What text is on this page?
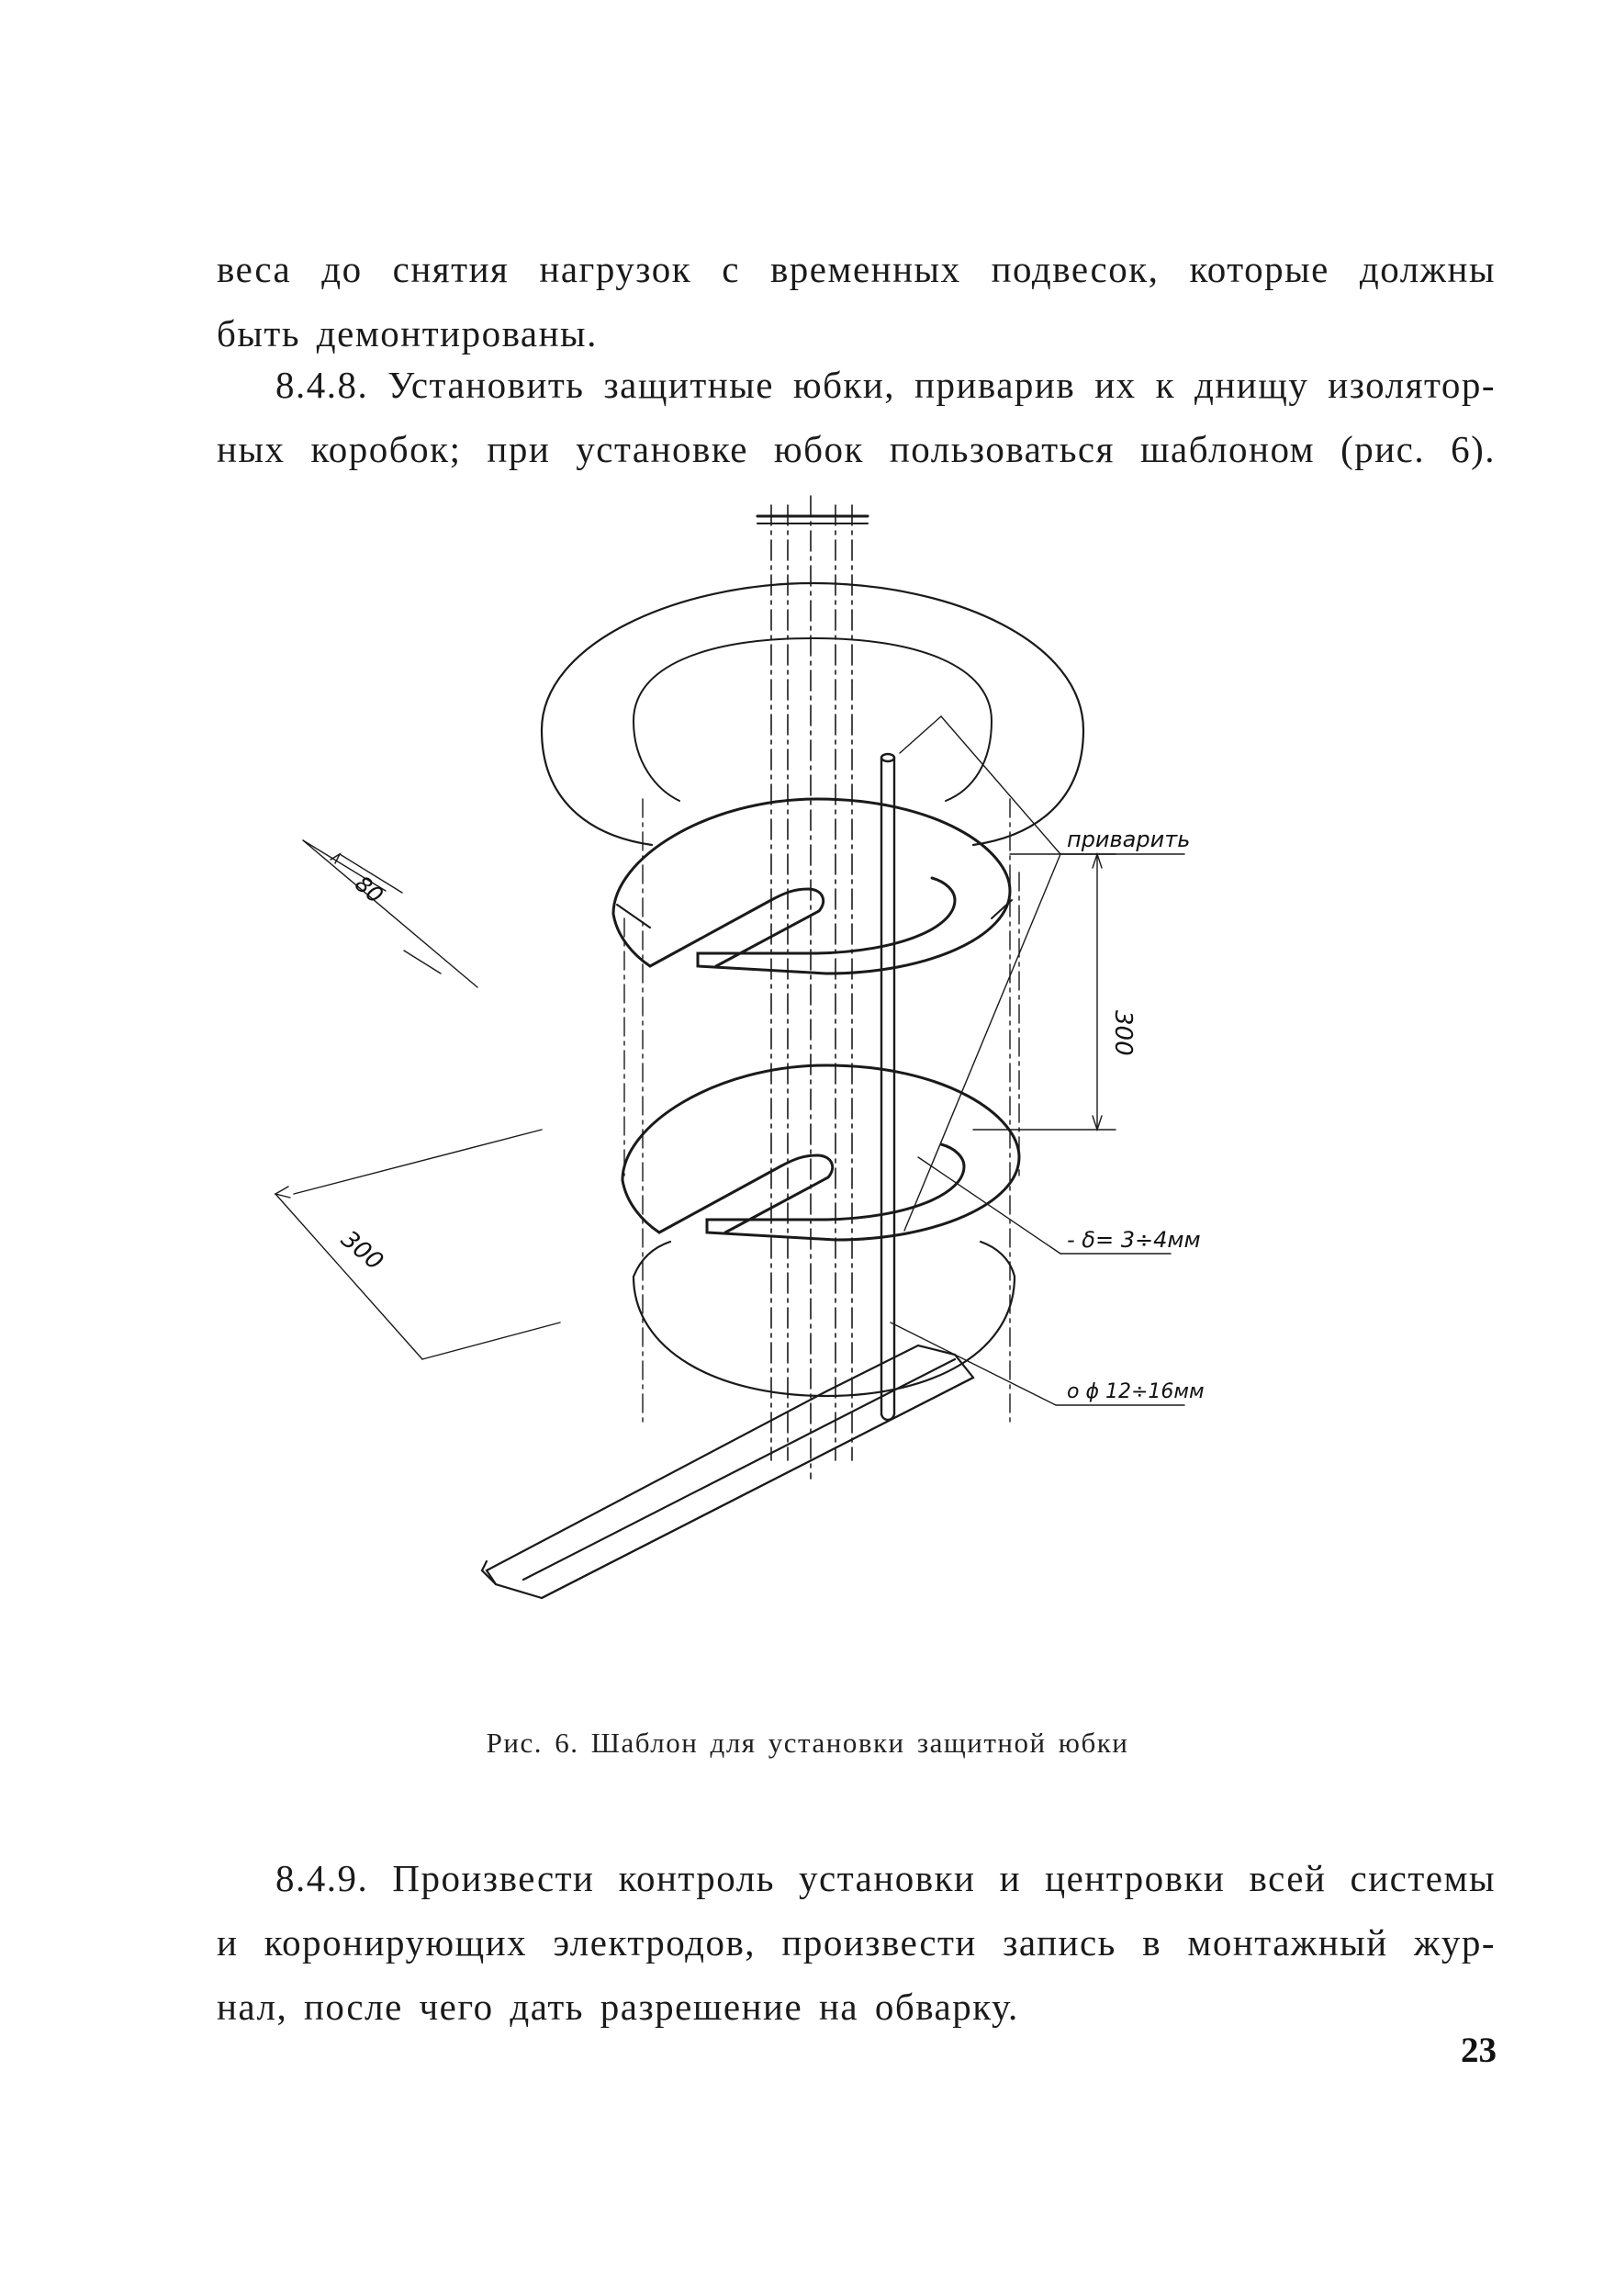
веса до снятия нагрузок с временных подвесок, которые должны
быть демонтированы.
8.4.8. Установить защитные юбки, приварив их к днищу изолятор-
ных коробок; при установке юбок пользоваться шаблоном (рис. 6).
приварить
80
300
300	- δ= 3÷4мм
o ϕ 12÷16мм
Рис. 6. Шаблон для установки защитной юбки
8.4.9. Произвести контроль установки и центровки всей системы
и коронирующих электродов, произвести запись в монтажный жур-
нал, после чего дать разрешение на обварку.
23
